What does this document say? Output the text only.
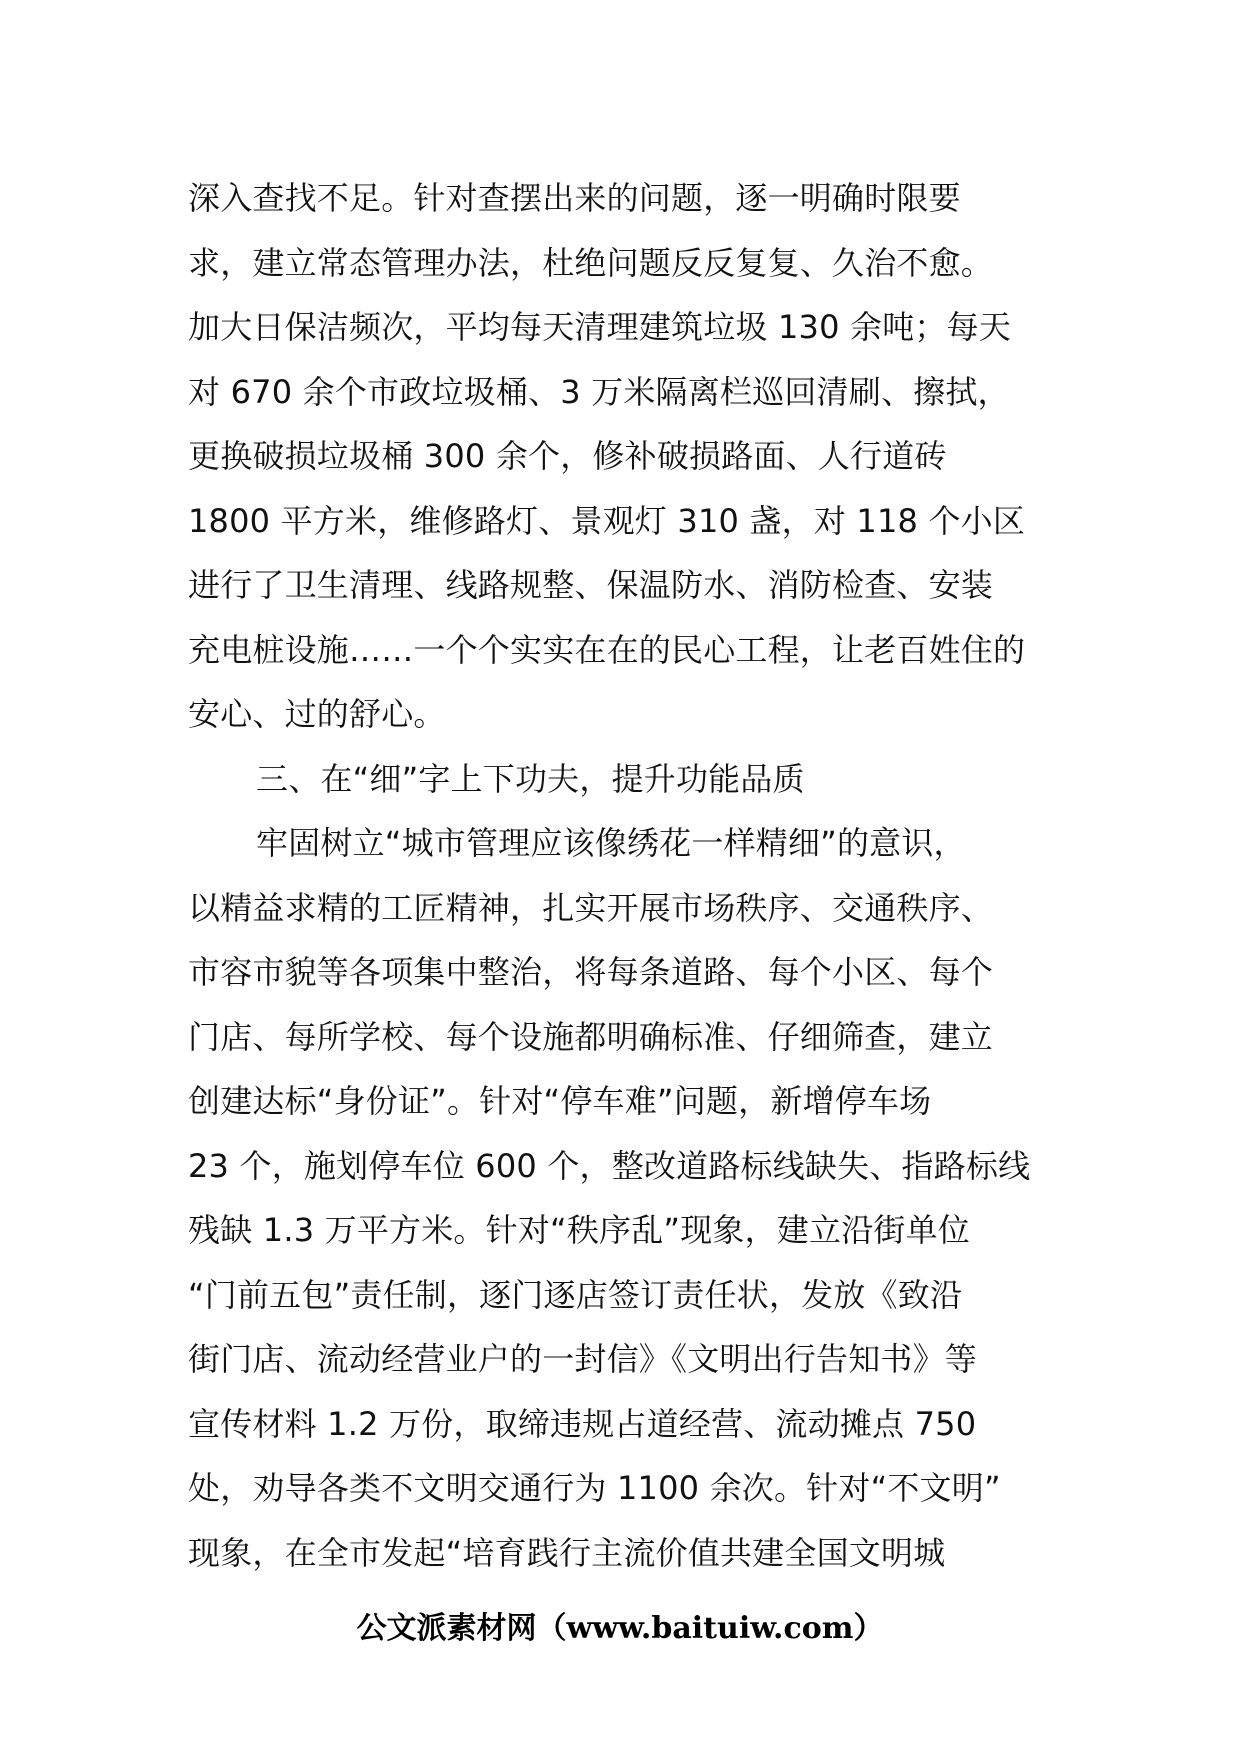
深入查找不足。针对查摆出来的问题，逐一明确时限要
求，建立常态管理办法，杜绝问题反反复复、久治不愈。
加大日保洁频次，平均每天清理建筑垃圾 130 余吨；每天
对 670 余个市政垃圾桶、3 万米隔离栏巡回清刷、擦拭，
更换破损垃圾桶 300 余个，修补破损路面、人行道砖
1800 平方米，维修路灯、景观灯 310 盏，对 118 个小区
进行了卫生清理、线路规整、保温防水、消防检查、安装
充电桩设施……一个个实实在在的民心工程，让老百姓住的
安心、过的舒心。
三、在“细”字上下功夫，提升功能品质
牢固树立“城市管理应该像绣花一样精细”的意识，
以精益求精的工匠精神，扎实开展市场秩序、交通秩序、
市容市貌等各项集中整治，将每条道路、每个小区、每个
门店、每所学校、每个设施都明确标准、仔细筛查，建立
创建达标“身份证”。针对“停车难”问题，新增停车场
23 个，施划停车位 600 个，整改道路标线缺失、指路标线
残缺 1.3 万平方米。针对“秩序乱”现象，建立沿街单位
“门前五包”责任制，逐门逐店签订责任状，发放《致沿
街门店、流动经营业户的一封信》《文明出行告知书》等
宣传材料 1.2 万份，取缔违规占道经营、流动摊点 750
处，劝导各类不文明交通行为 1100 余次。针对“不文明”
现象，在全市发起“培育践行主流价值共建全国文明城
公文派素材网（www.baituiw.com）
